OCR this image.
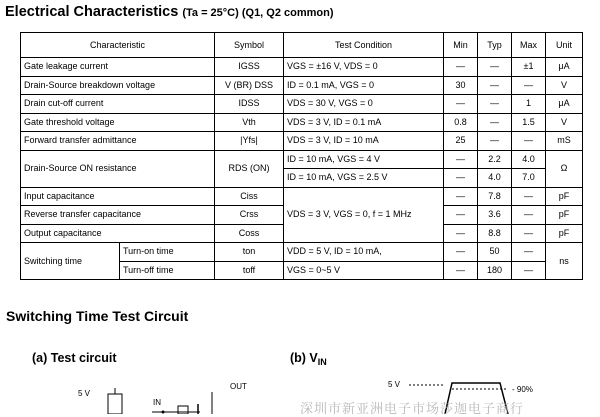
Electrical Characteristics (Ta = 25°C) (Q1, Q2 common)
Characteristic		Symbol	Test Condition	Min	Typ	Max	Unit
Gate leakage current		IGSS	VGS = ±16 V, VDS = 0	—	—	±1	μA
Drain-Source breakdown voltage		V (BR) DSS	ID = 0.1 mA, VGS = 0	30	—	—	V
Drain cut-off current		IDSS	VDS = 30 V, VGS = 0	—	—	1	μA
Gate threshold voltage		Vth	VDS = 3 V, ID = 0.1 mA	0.8	—	1.5	V
Forward transfer admittance		|Yfs|	VDS = 3 V, ID = 10 mA	25	—	—	mS
Drain-Source ON resistance		RDS (ON)	ID = 10 mA, VGS = 4 V	—	2.2	4.0	Ω
			ID = 10 mA, VGS = 2.5 V	—	4.0	7.0	
Input capacitance		Ciss	VDS = 3 V, VGS = 0, f = 1 MHz	—	7.8	—	pF
Reverse transfer capacitance		Crss		—	3.6	—	pF
Output capacitance		Coss		—	8.8	—	pF
Switching time	Turn-on time	ton	VDD = 5 V, ID = 10 mA,	—	50	—	ns
	Turn-off time	toff	VGS = 0~5 V	—	180	—	
Switching Time Test Circuit
(a) Test circuit	(b) $V_{IN}$
5 V
OUT
IN
5 V
- 90%
深圳市新亚洲电子市场莎迦电子商行
